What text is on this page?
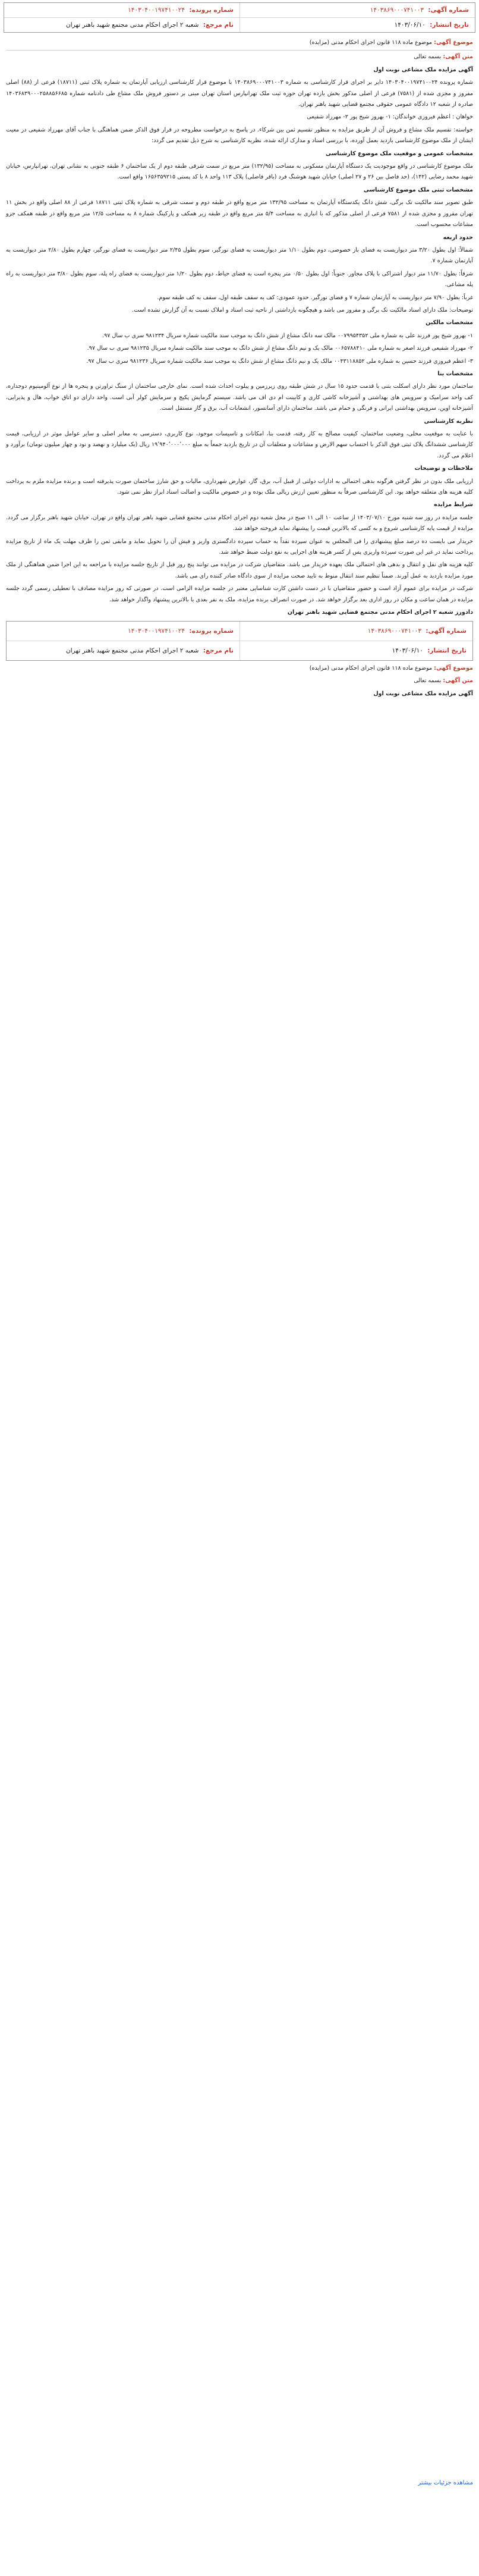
شماره آگهی: ۱۴۰۳۸۶۹۰۰۰۷۴۱۰۰۳
شماره پرونده: ۱۴۰۳۰۴۰۰۱۹۷۴۱۰۰۲۴
تاریخ انتشار: ۱۴۰۳/۰۶/۱۰
نام مرجع: شعبه ۲ اجرای احکام مدنی مجتمع شهید باهنر تهران

موضوع آگهی: موضوع ماده ۱۱۸ قانون اجرای احکام مدنی (مزایده)

متن آگهی: بسمه تعالی

آگهی مزایده ملک مشاعی نوبت اول

شماره پرونده ۱۴۰۳۰۴۰۰۱۹۷۴۱۰۰۲۴ دایر بر اجرای قرار کارشناسی به شماره ۱۴۰۳۸۶۹۰۰۰۷۴۱۰۰۳ با موضوع قرار کارشناسی ارزیابی آپارتمان به شماره پلاک ثبتی (۱۸۷۱۱) فرعی از (۸۸) اصلی مفروز و مجزی شده از (۷۵۸۱) فرعی از اصلی مذکور بخش یازده تهران حوزه ثبت ملک تهرانپارس استان تهران مبنی بر دستور فروش ملک مشاع طی دادنامه شماره ۱۴۰۳۶۸۳۹۰۰۰۲۵۸۸۵۶۶۸۵ صادره از شعبه ۱۲ دادگاه عمومی حقوقی مجتمع قضایی شهید باهنر تهران.

خواهان : اعظم فیروزی خواندگان: ۱- بهروز شیخ پور ۲- مهرزاد شفیعی

خواسته: تقسیم ملک مشاع و فروش آن از طریق مزایده به منظور تقسیم ثمن بین شرکاء. در پاسخ به درخواست مطروحه در قرار فوق الذکر ضمن هماهنگی با جناب آقای مهرزاد شفیعی در معیت ایشان از ملک موضوع کارشناسی بازدید بعمل آورده، با بررسی اسناد و مدارک ارائه شده، نظریه کارشناسی به شرح ذیل تقدیم می گردد:

مشخصات عمومی و موقعیت ملک موضوع کارشناسی

ملک موضوع کارشناسی در واقع موجودیت یک دستگاه آپارتمان مسکونی به مساحت (۱۳۲/۹۵) متر مربع در سمت شرقی طبقه دوم از یک ساختمان ۶ طبقه جنوبی به نشانی تهران، تهرانپارس، خیابان شهید محمد رضایی (۱۴۲)، (حد فاصل بین ۲۶ و ۲۷ اصلی) خیابان شهید هوشنگ فرد (باقر فاضلی) پلاک ۱۱۳ واحد ۸ با کد پستی ۱۶۵۶۳۵۹۲۱۵ واقع است.

مشخصات ثبتی ملک موضوع کارشناسی

طبق تصویر سند مالکیت تک برگی، شش دانگ یکدستگاه آپارتمان به مساحت ۱۳۲/۹۵ متر مربع واقع در طبقه دوم و سمت شرقی به شماره پلاک ثبتی ۱۸۷۱۱ فرعی از ۸۸ اصلی واقع در بخش ۱۱ تهران مفروز و مجزی شده از ۷۵۸۱ فرعی از اصلی مذکور که با انباری به مساحت ۵/۴ متر مربع واقع در طبقه زیر همکف و پارکینگ شماره ۸ به مساحت ۱۲/۵ متر مربع واقع در طبقه همکف جزو مشاعات محسوب است.

حدود اربعه

شمالاً: اول بطول ۳/۲۰ متر دیواریست به فضای باز خصوصی، دوم بطول ۱/۱۰ متر دیواریست به فضای نورگیر، سوم بطول ۲/۴۵ متر دیواریست به فضای نورگیر، چهارم بطول ۲/۸۰ متر دیواریست به آپارتمان شماره ۷.

شرقاً: بطول ۱۱/۷۰ متر دیوار اشتراکی با پلاک مجاور. جنوباً: اول بطول ۰/۵۰ متر پنجره است به فضای حیاط، دوم بطول ۱/۲۰ متر دیواریست به فضای راه پله، سوم بطول ۳/۸۰ متر دیواریست به راه پله مشاعی.

غرباً: بطول ۷/۹۰ متر دیواریست به آپارتمان شماره ۷ و فضای نورگیر. حدود عمودی: کف به سقف طبقه اول، سقف به کف طبقه سوم.

توضیحات: ملک دارای اسناد مالکیت تک برگی و مفروز می باشد و هیچگونه بازداشتی از ناحیه ثبت اسناد و املاک نسبت به آن گزارش نشده است.

مشخصات مالکین

۱- بهروز شیخ پور فرزند علی به شماره ملی ۰۰۷۹۹۵۴۳۵۲ مالک سه دانگ مشاع از شش دانگ به موجب سند مالکیت شماره سریال ۹۸۱۲۳۴ سری ب سال ۹۷.

۲- مهرزاد شفیعی فرزند اصغر به شماره ملی ۰۰۶۵۷۸۸۴۱۰ مالک یک و نیم دانگ مشاع از شش دانگ به موجب سند مالکیت شماره سریال ۹۸۱۲۳۵ سری ب سال ۹۷.

۳- اعظم فیروزی فرزند حسین به شماره ملی ۰۰۴۳۱۱۸۸۵۲ مالک یک و نیم دانگ مشاع از شش دانگ به موجب سند مالکیت شماره سریال ۹۸۱۲۳۶ سری ب سال ۹۷.

مشخصات بنا

ساختمان مورد نظر دارای اسکلت بتنی با قدمت حدود ۱۵ سال در شش طبقه روی زیرزمین و پیلوت احداث شده است. نمای خارجی ساختمان از سنگ تراورتن و پنجره ها از نوع آلومینیوم دوجداره، کف واحد سرامیک و سرویس های بهداشتی و آشپزخانه کاشی کاری و کابینت ام دی اف می باشد. سیستم گرمایش پکیج و سرمایش کولر آبی است. واحد دارای دو اتاق خواب، هال و پذیرایی، آشپزخانه اوپن، سرویس بهداشتی ایرانی و فرنگی و حمام می باشد. ساختمان دارای آسانسور، انشعابات آب، برق و گاز مستقل است.

نظریه کارشناسی

با عنایت به موقعیت محلی، وضعیت ساختمان، کیفیت مصالح به کار رفته، قدمت بنا، امکانات و تاسیسات موجود، نوع کاربری، دسترسی به معابر اصلی و سایر عوامل موثر در ارزیابی، قیمت کارشناسی ششدانگ پلاک ثبتی فوق الذکر با احتساب سهم الارض و مشاعات و متعلقات آن در تاریخ بازدید جمعاً به مبلغ ۱۹٬۹۴۰٬۰۰۰٬۰۰۰ ریال (یک میلیارد و نهصد و نود و چهار میلیون تومان) برآورد و اعلام می گردد.

ملاحظات و توضیحات

ارزیابی ملک بدون در نظر گرفتن هرگونه بدهی احتمالی به ادارات دولتی از قبیل آب، برق، گاز، عوارض شهرداری، مالیات و حق شارژ ساختمان صورت پذیرفته است و برنده مزایده ملزم به پرداخت کلیه هزینه های متعلقه خواهد بود. این کارشناسی صرفاً به منظور تعیین ارزش ریالی ملک بوده و در خصوص مالکیت و اصالت اسناد ابراز نظر نمی شود.

شرایط مزایده

جلسه مزایده در روز سه شنبه مورخ ۱۴۰۳/۰۷/۱۰ از ساعت ۱۰ الی ۱۱ صبح در محل شعبه دوم اجرای احکام مدنی مجتمع قضایی شهید باهنر تهران واقع در تهران، خیابان شهید باهنر برگزار می گردد. مزایده از قیمت پایه کارشناسی شروع و به کسی که بالاترین قیمت را پیشنهاد نماید فروخته خواهد شد.

خریدار می بایست ده درصد مبلغ پیشنهادی را فی المجلس به عنوان سپرده نقداً به حساب سپرده دادگستری واریز و فیش آن را تحویل نماید و مابقی ثمن را ظرف مهلت یک ماه از تاریخ مزایده پرداخت نماید در غیر این صورت سپرده واریزی پس از کسر هزینه های اجرایی به نفع دولت ضبط خواهد شد.

کلیه هزینه های نقل و انتقال و بدهی های احتمالی ملک بعهده خریدار می باشد. متقاضیان شرکت در مزایده می توانند پنج روز قبل از تاریخ جلسه مزایده با مراجعه به این اجرا ضمن هماهنگی از ملک مورد مزایده بازدید به عمل آورند. ضمناً تنظیم سند انتقال منوط به تایید صحت مزایده از سوی دادگاه صادر کننده رای می باشد.

شرکت در مزایده برای عموم آزاد است و حضور متقاضیان با در دست داشتن کارت شناسایی معتبر در جلسه مزایده الزامی است. در صورتی که روز مزایده مصادف با تعطیلی رسمی گردد جلسه مزایده در همان ساعت و مکان در روز اداری بعد برگزار خواهد شد. در صورت انصراف برنده مزایده، ملک به نفر بعدی با بالاترین پیشنهاد واگذار خواهد شد.

دادورز شعبه ۲ اجرای احکام مدنی مجتمع قضایی شهید باهنر تهران

شماره آگهی: ۱۴۰۳۸۶۹۰۰۰۷۴۱۰۰۳
شماره پرونده: ۱۴۰۳۰۴۰۰۱۹۷۴۱۰۰۲۴
تاریخ انتشار: ۱۴۰۳/۰۶/۱۰
نام مرجع: شعبه ۲ اجرای احکام مدنی مجتمع شهید باهنر تهران

موضوع آگهی: موضوع ماده ۱۱۸ قانون اجرای احکام مدنی (مزایده)

متن آگهی: بسمه تعالی

آگهی مزایده ملک مشاعی نوبت اول

مشاهده جزئیات بیشتر
